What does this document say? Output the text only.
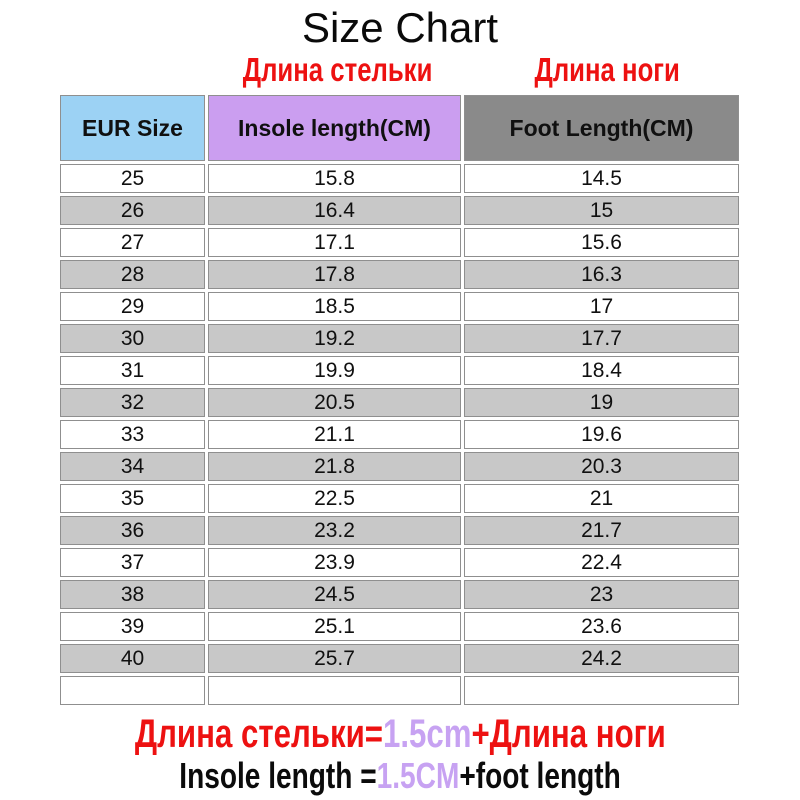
Size Chart
Длина стельки	Длина ноги
EUR Size	Insole length(CM)	Foot Length(CM)
25	15.8	14.5
26	16.4	15
27	17.1	15.6
28	17.8	16.3
29	18.5	17
30	19.2	17.7
31	19.9	18.4
32	20.5	19
33	21.1	19.6
34	21.8	20.3
35	22.5	21
36	23.2	21.7
37	23.9	22.4
38	24.5	23
39	25.1	23.6
40	25.7	24.2

Длина стельки=1.5cm+Длина ноги
Insole length =1.5CM+foot length
